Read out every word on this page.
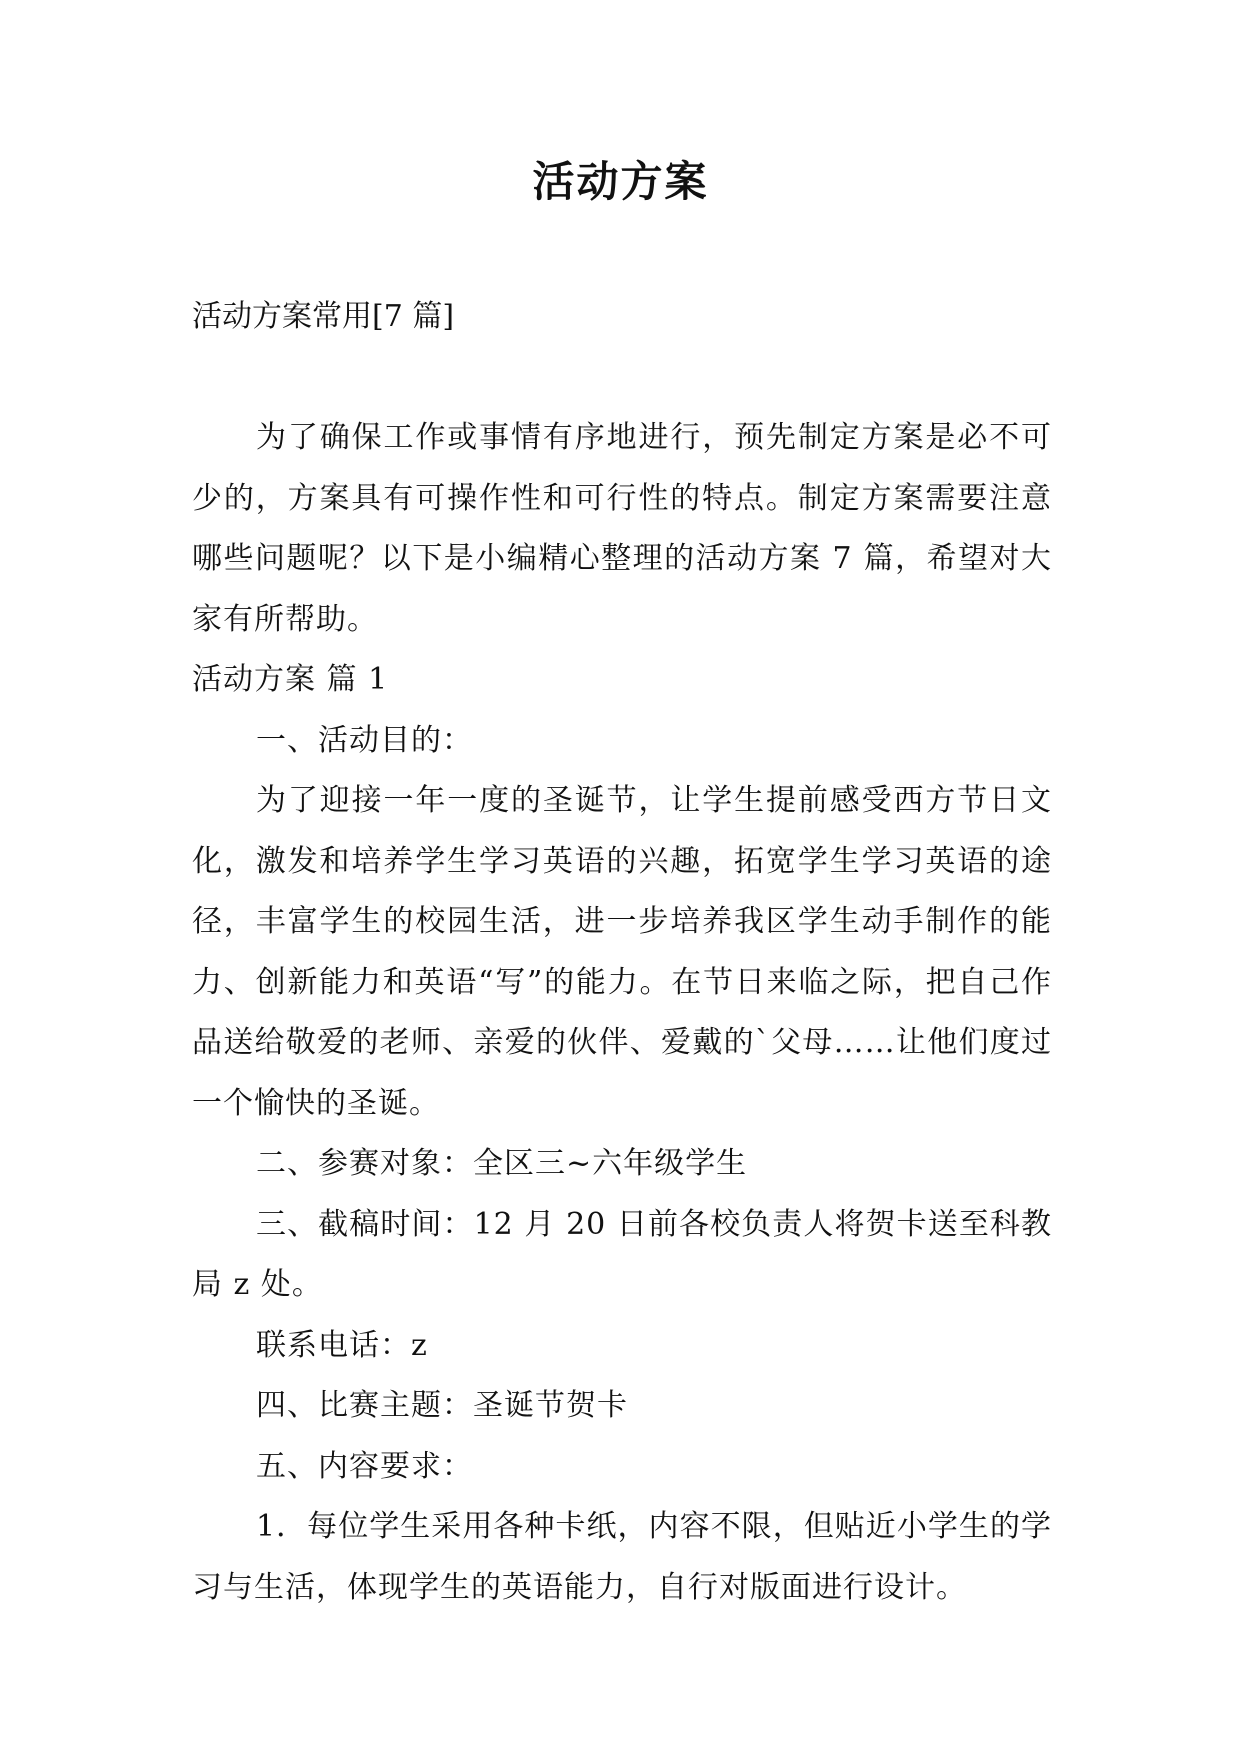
活动方案
活动方案常用[7 篇]

为了确保工作或事情有序地进行，预先制定方案是必不可少的，方案具有可操作性和可行性的特点。制定方案需要注意哪些问题呢？以下是小编精心整理的活动方案 7 篇，希望对大家有所帮助。

活动方案 篇 1

一、活动目的：

为了迎接一年一度的圣诞节，让学生提前感受西方节日文化，激发和培养学生学习英语的兴趣，拓宽学生学习英语的途径，丰富学生的校园生活，进一步培养我区学生动手制作的能力、创新能力和英语“写”的能力。在节日来临之际，把自己作品送给敬爱的老师、亲爱的伙伴、爱戴的`父母……让他们度过一个愉快的圣诞。

二、参赛对象：全区三~六年级学生

三、截稿时间：12 月 20 日前各校负责人将贺卡送至科教局 z 处。

联系电话：z

四、比赛主题：圣诞节贺卡

五、内容要求：

1．每位学生采用各种卡纸，内容不限，但贴近小学生的学习与生活，体现学生的英语能力，自行对版面进行设计。
